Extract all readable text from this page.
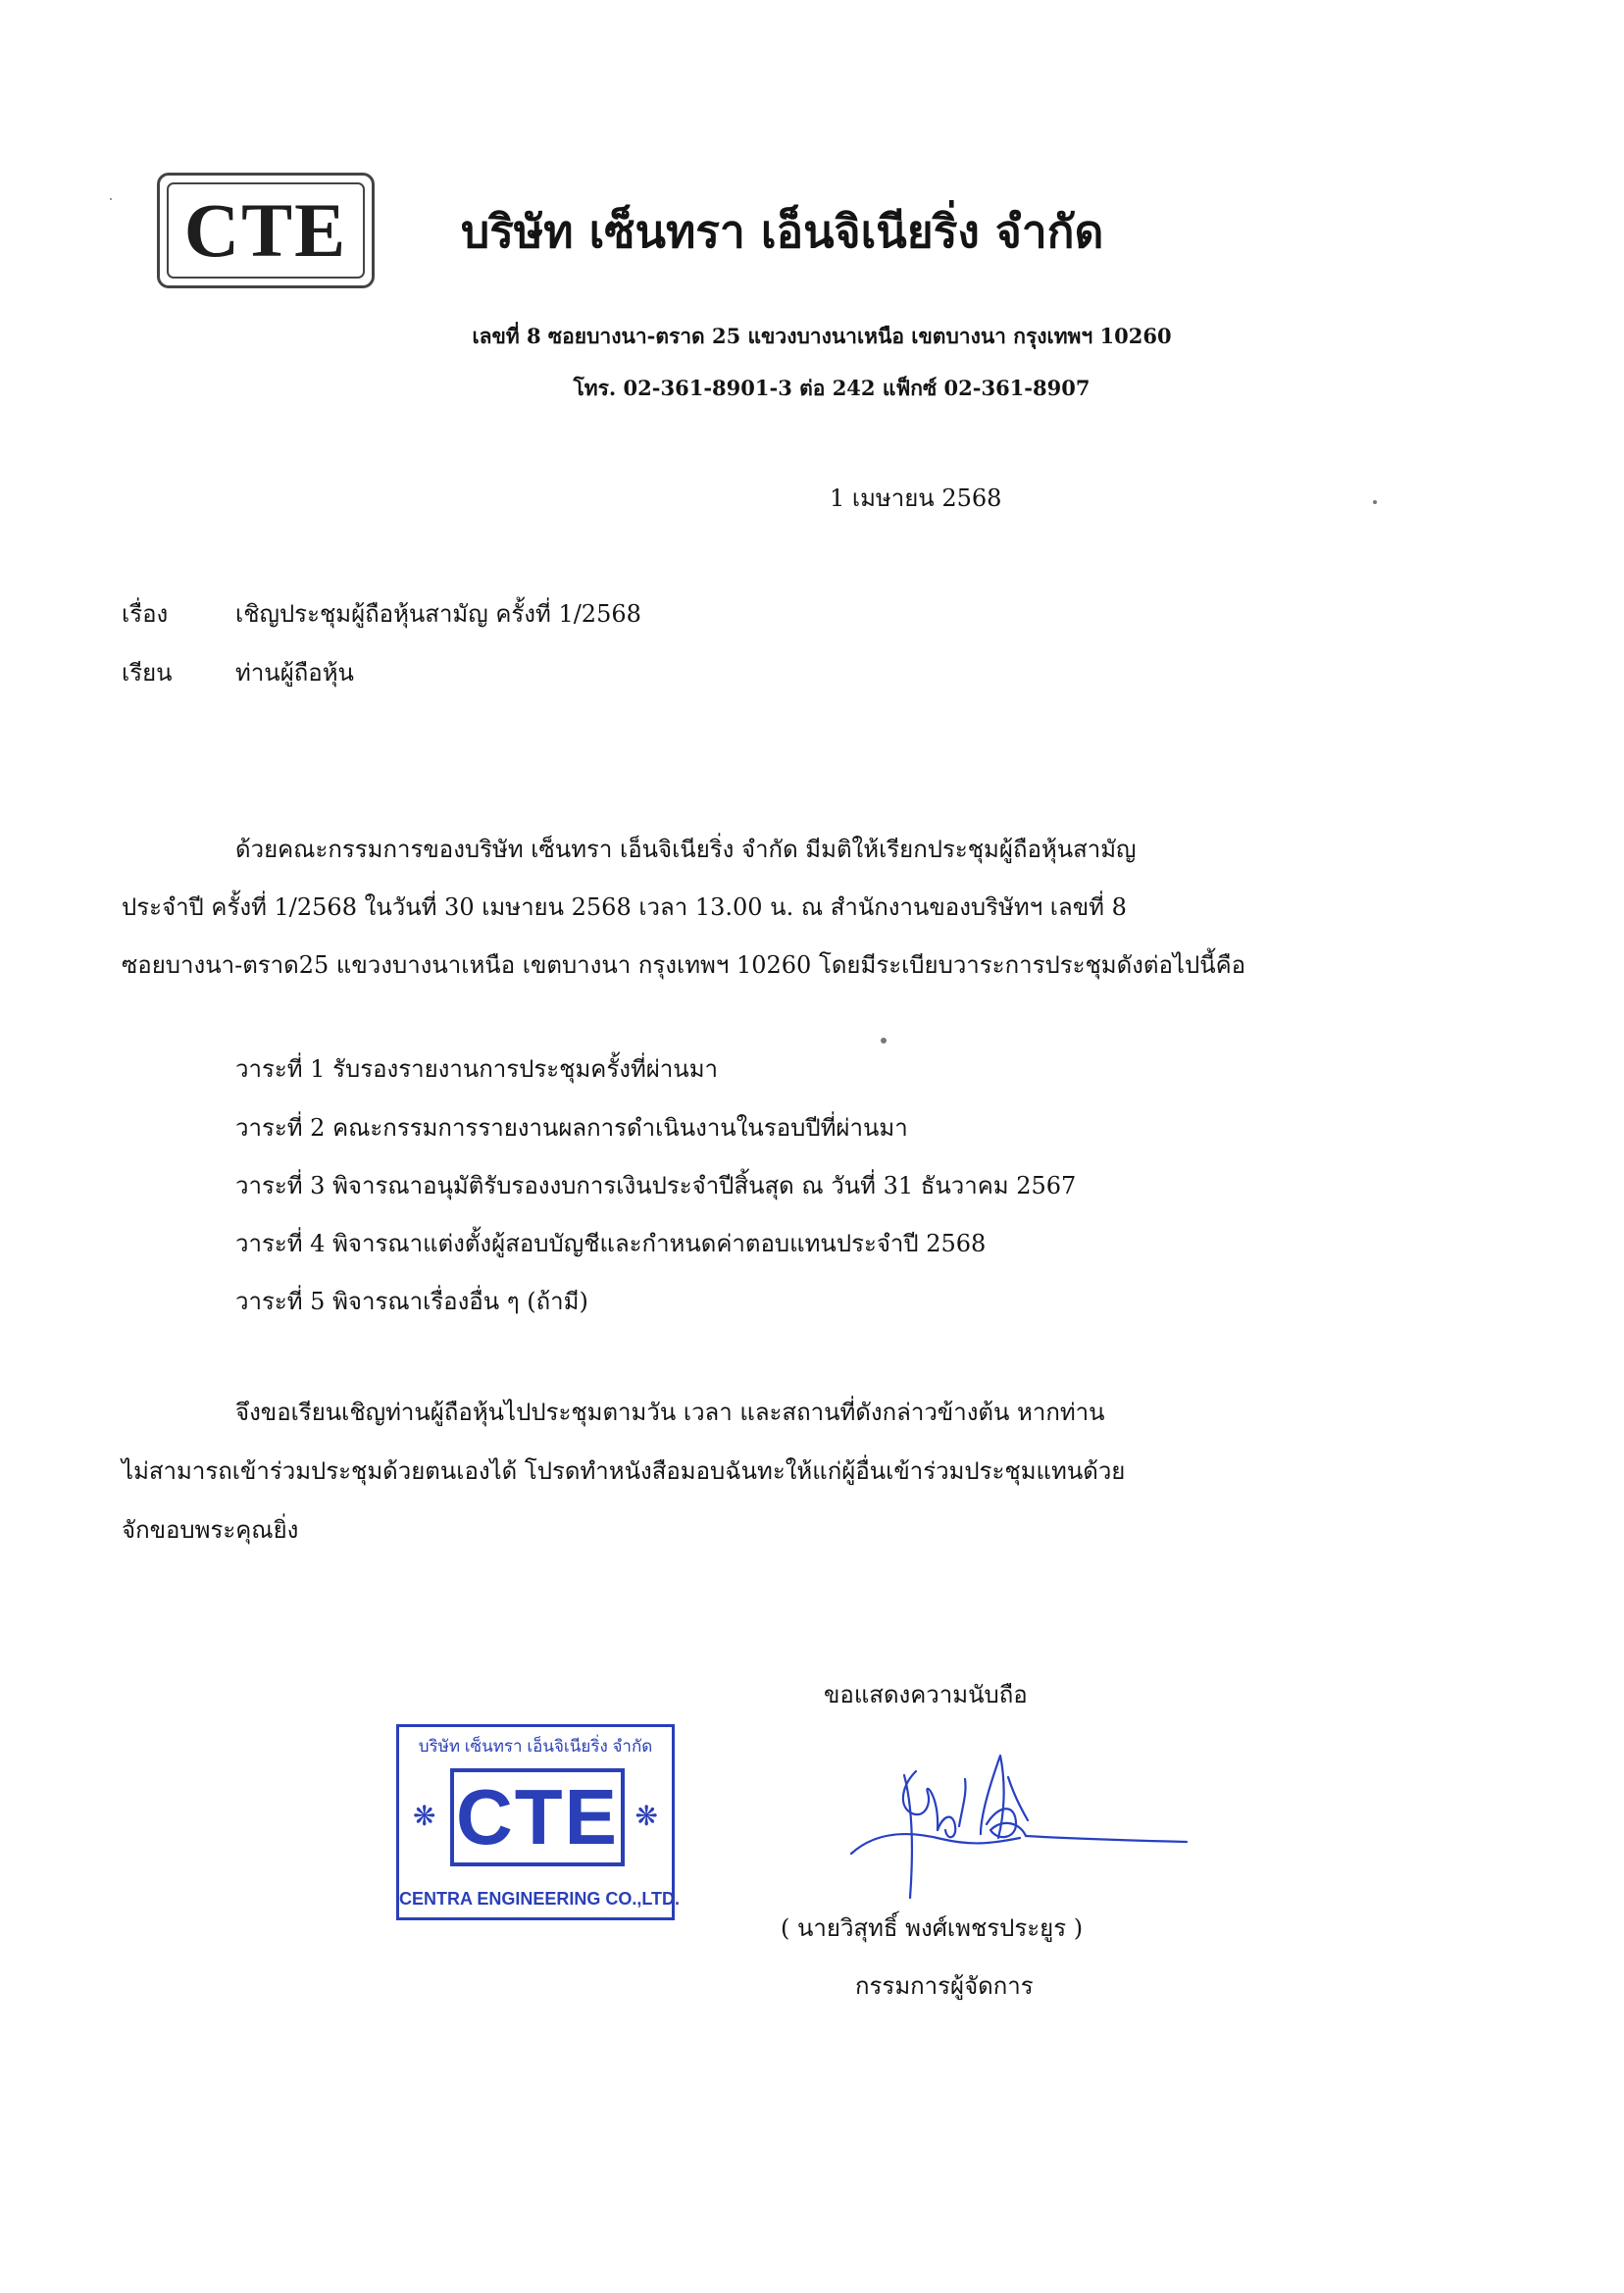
CTE	บริษัท เซ็นทรา เอ็นจิเนียริ่ง จำกัด
เลขที่ 8 ซอยบางนา-ตราด 25 แขวงบางนาเหนือ เขตบางนา กรุงเทพฯ 10260
โทร. 02-361-8901-3 ต่อ 242 แฟ็กซ์ 02-361-8907
1 เมษายน 2568
เรื่อง	เชิญประชุมผู้ถือหุ้นสามัญ ครั้งที่ 1/2568
เรียน	ท่านผู้ถือหุ้น
ด้วยคณะกรรมการของบริษัท เซ็นทรา เอ็นจิเนียริ่ง จำกัด มีมติให้เรียกประชุมผู้ถือหุ้นสามัญ
ประจำปี ครั้งที่ 1/2568 ในวันที่ 30 เมษายน 2568 เวลา 13.00 น. ณ สำนักงานของบริษัทฯ เลขที่ 8
ซอยบางนา-ตราด25 แขวงบางนาเหนือ เขตบางนา กรุงเทพฯ 10260 โดยมีระเบียบวาระการประชุมดังต่อไปนี้คือ
วาระที่ 1 รับรองรายงานการประชุมครั้งที่ผ่านมา
วาระที่ 2 คณะกรรมการรายงานผลการดำเนินงานในรอบปีที่ผ่านมา
วาระที่ 3 พิจารณาอนุมัติรับรองงบการเงินประจำปีสิ้นสุด ณ วันที่ 31 ธันวาคม 2567
วาระที่ 4 พิจารณาแต่งตั้งผู้สอบบัญชีและกำหนดค่าตอบแทนประจำปี 2568
วาระที่ 5 พิจารณาเรื่องอื่น ๆ (ถ้ามี)
จึงขอเรียนเชิญท่านผู้ถือหุ้นไปประชุมตามวัน เวลา และสถานที่ดังกล่าวข้างต้น หากท่าน
ไม่สามารถเข้าร่วมประชุมด้วยตนเองได้ โปรดทำหนังสือมอบฉันทะให้แก่ผู้อื่นเข้าร่วมประชุมแทนด้วย
จักขอบพระคุณยิ่ง
ขอแสดงความนับถือ
บริษัท เซ็นทรา เอ็นจิเนียริ่ง จำกัด
❋ CTE ❋
CENTRA ENGINEERING CO.,LTD.
( นายวิสุทธิ์ พงศ์เพชรประยูร )
กรรมการผู้จัดการ
